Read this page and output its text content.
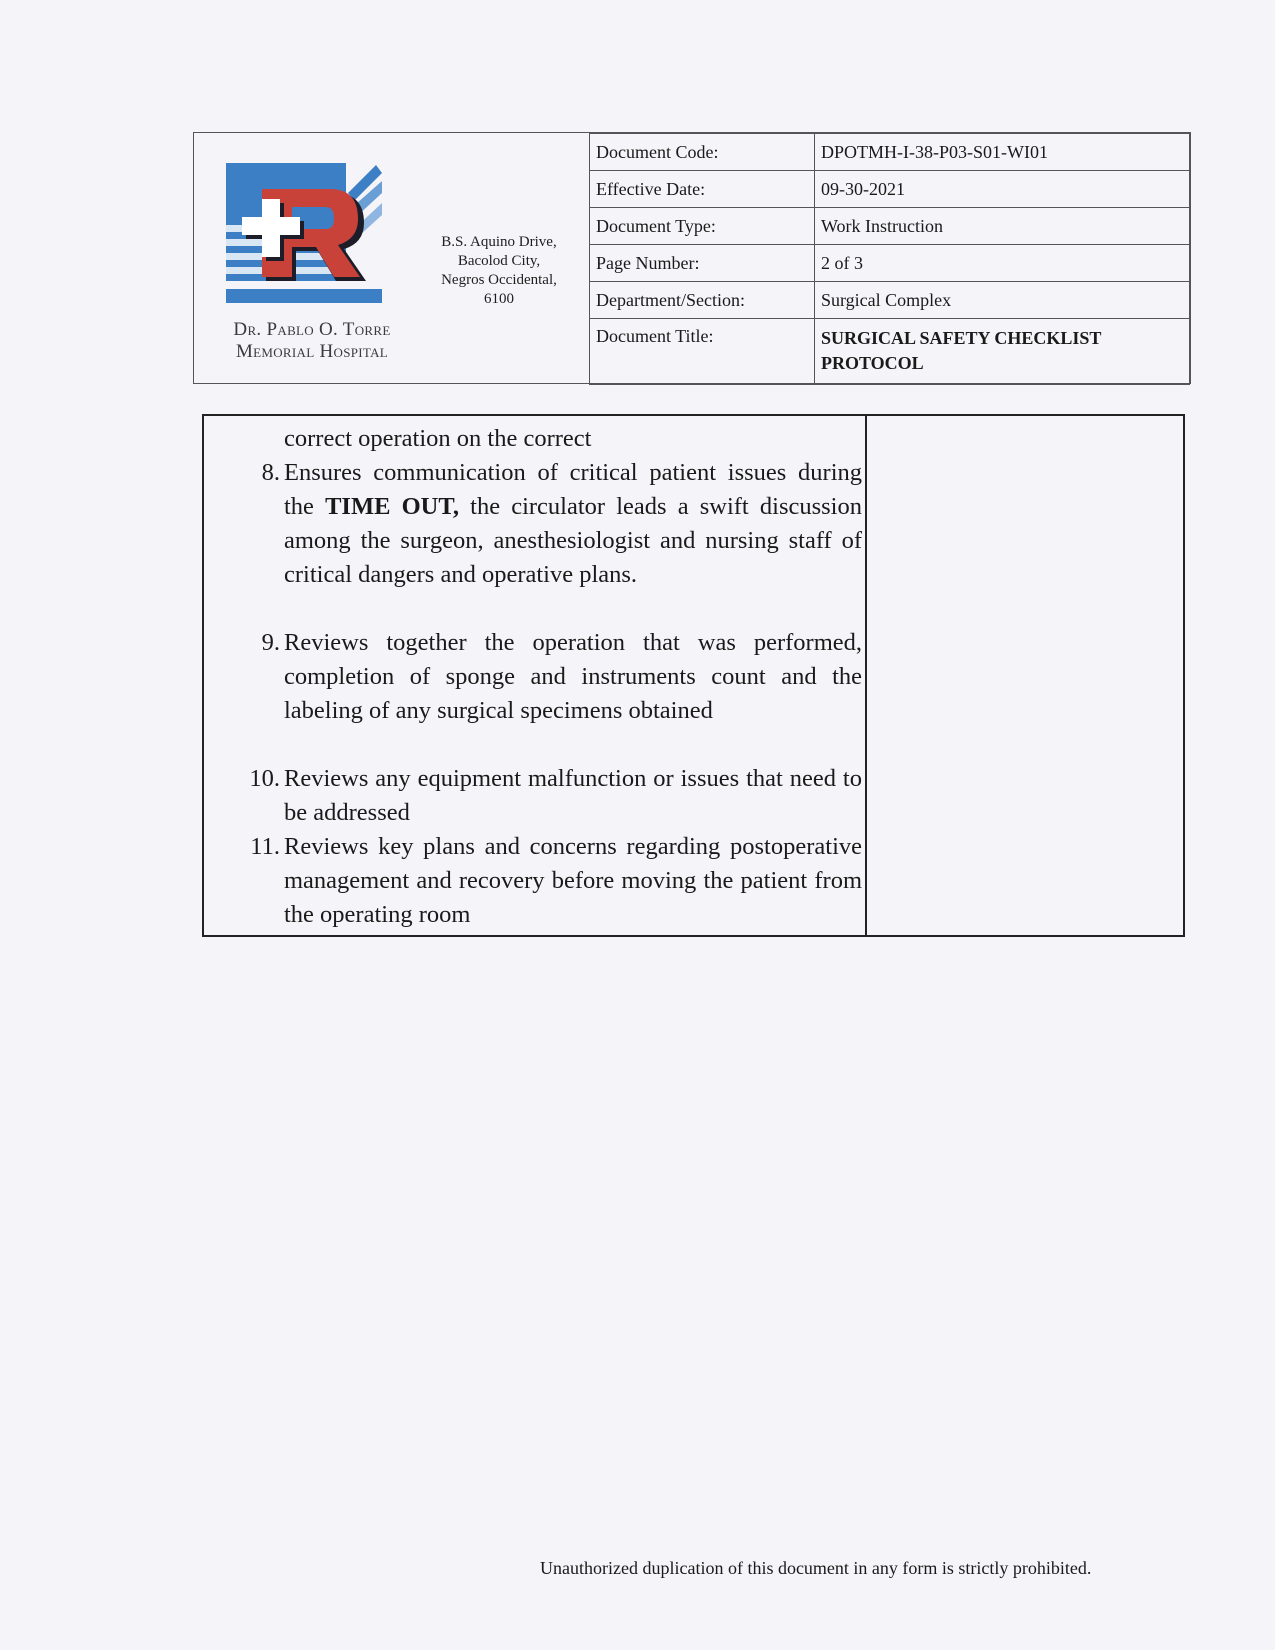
Dr. Pablo O. Torre
Memorial Hospital
B.S. Aquino Drive,
Bacolod City,
Negros Occidental,
6100
Document Code:	DPOTMH-I-38-P03-S01-WI01
Effective Date:	09-30-2021
Document Type:	Work Instruction
Page Number:	2 of 3
Department/Section:	Surgical Complex
Document Title:	SURGICAL SAFETY CHECKLIST PROTOCOL
correct operation on the correct
8. Ensures communication of critical patient issues during the TIME OUT, the circulator leads a swift discussion among the surgeon, anesthesiologist and nursing staff of critical dangers and operative plans.
9. Reviews together the operation that was performed, completion of sponge and instruments count and the labeling of any surgical specimens obtained
10. Reviews any equipment malfunction or issues that need to be addressed
11. Reviews key plans and concerns regarding postoperative management and recovery before moving the patient from the operating room
Unauthorized duplication of this document in any form is strictly prohibited.
